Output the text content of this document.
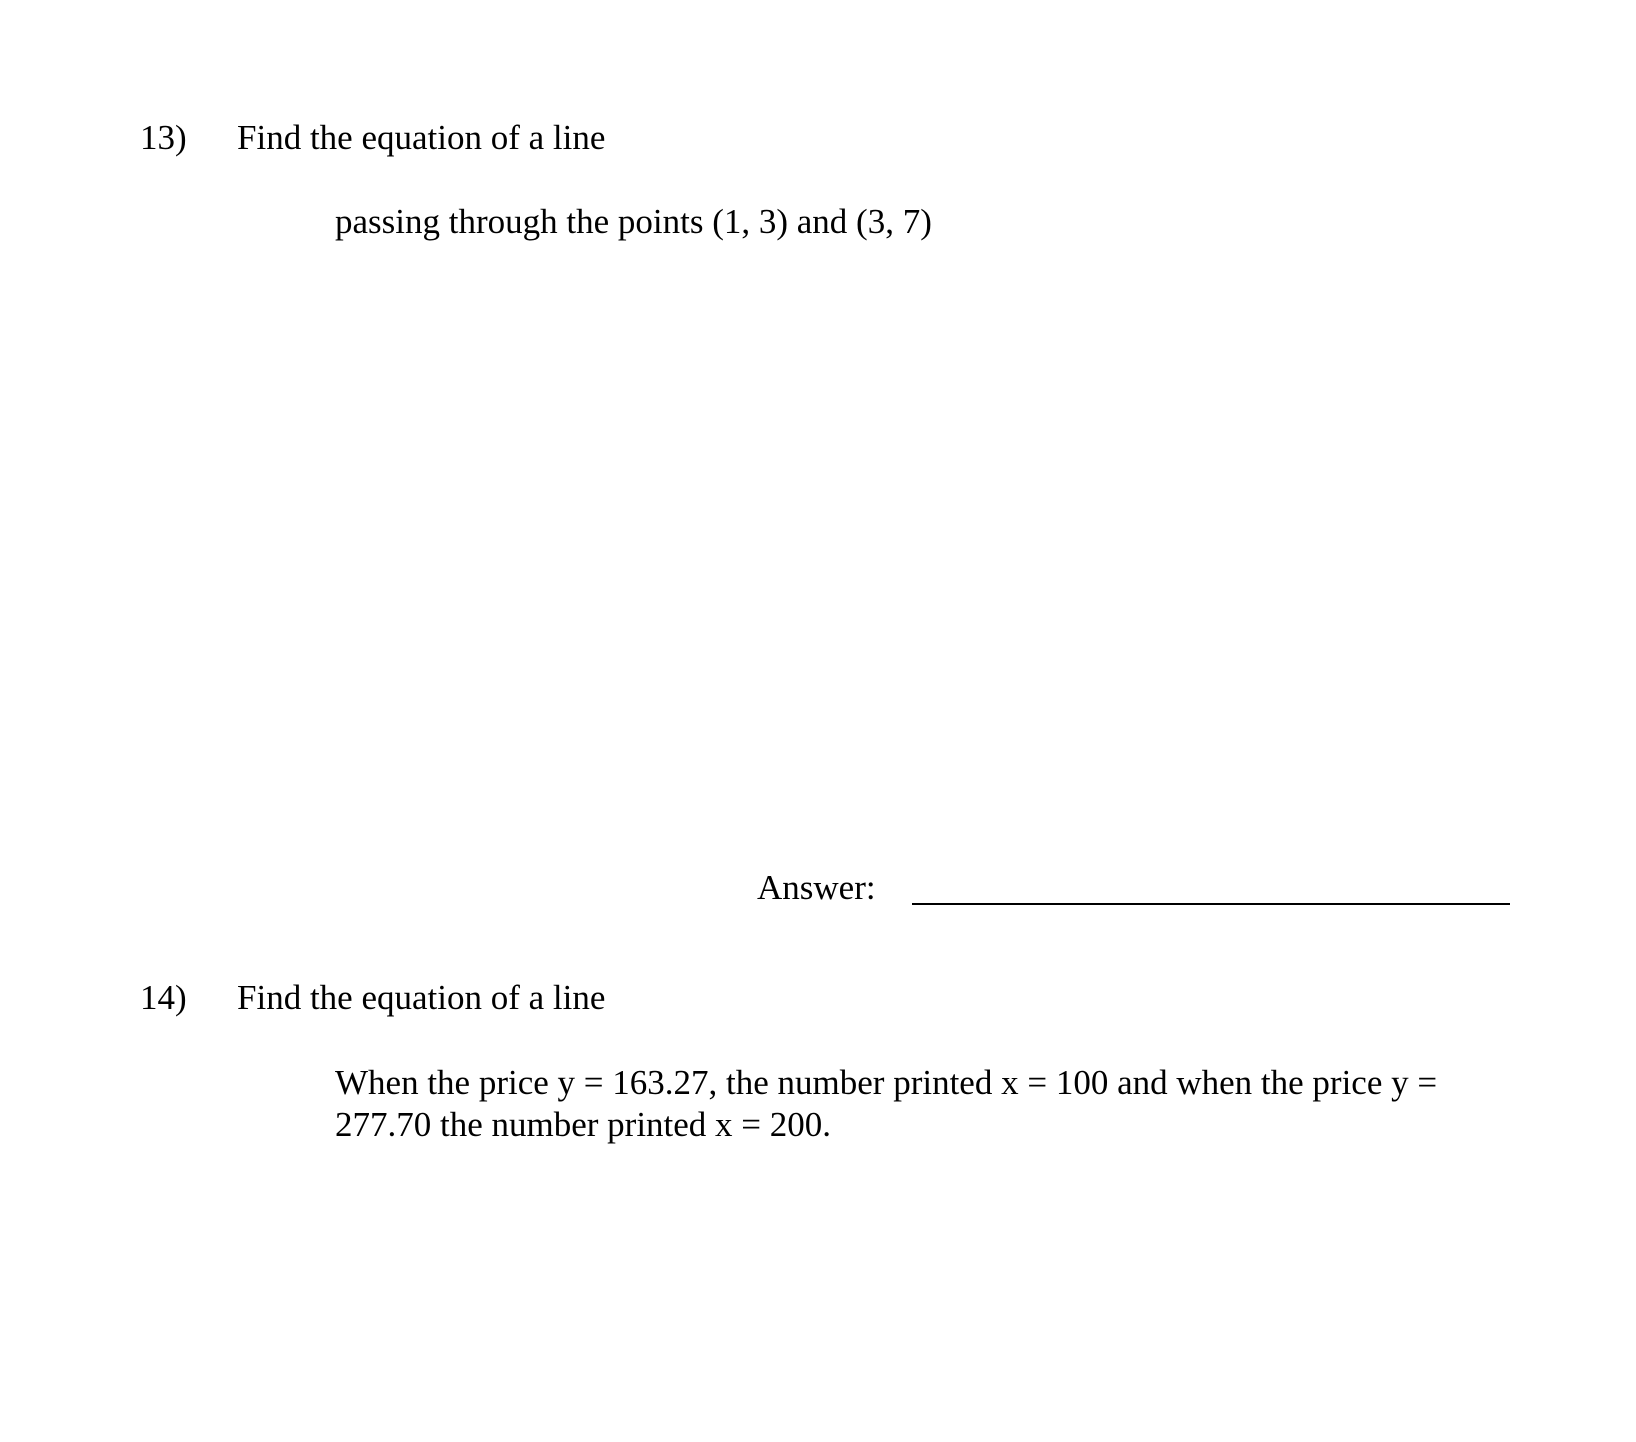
13) Find the equation of a line
passing through the points (1, 3) and (3, 7)
Answer:
14) Find the equation of a line
When the price y = 163.27, the number printed x = 100 and when the price y = 277.70 the number printed x = 200.
